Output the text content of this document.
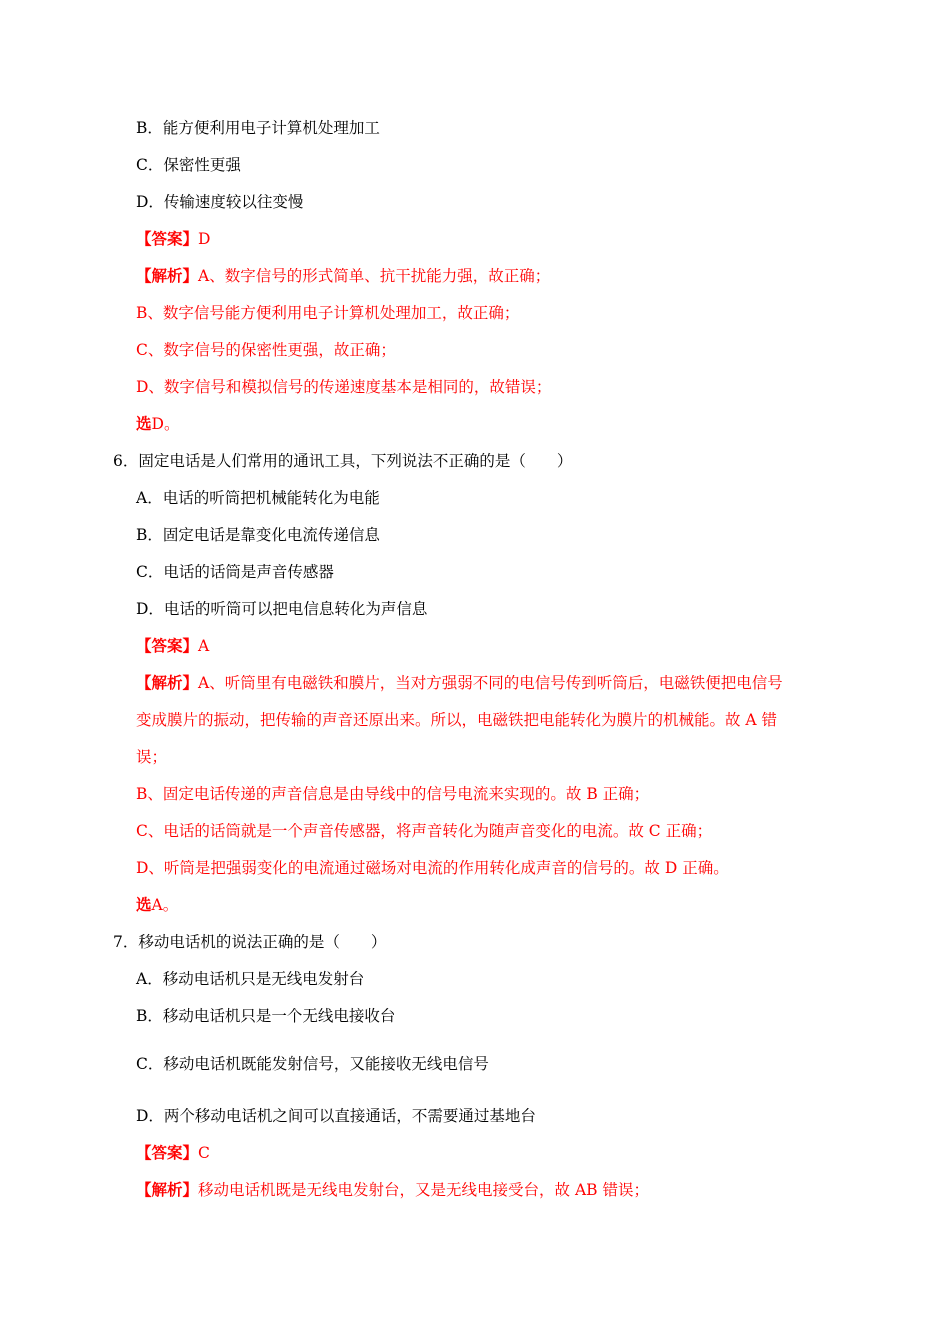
B．能方便利用电子计算机处理加工
C．保密性更强
D．传输速度较以往变慢
【答案】D
【解析】A、数字信号的形式简单、抗干扰能力强，故正确；
B、数字信号能方便利用电子计算机处理加工，故正确；
C、数字信号的保密性更强，故正确；
D、数字信号和模拟信号的传递速度基本是相同的，故错误；
选D。
6．固定电话是人们常用的通讯工具，下列说法不正确的是（　　）
A．电话的听筒把机械能转化为电能
B．固定电话是靠变化电流传递信息
C．电话的话筒是声音传感器
D．电话的听筒可以把电信息转化为声信息
【答案】A
【解析】A、听筒里有电磁铁和膜片，当对方强弱不同的电信号传到听筒后，电磁铁便把电信号
变成膜片的振动，把传输的声音还原出来。所以，电磁铁把电能转化为膜片的机械能。故 A 错
误；
B、固定电话传递的声音信息是由导线中的信号电流来实现的。故 B 正确；
C、电话的话筒就是一个声音传感器，将声音转化为随声音变化的电流。故 C 正确；
D、听筒是把强弱变化的电流通过磁场对电流的作用转化成声音的信号的。故 D 正确。
选A。
7．移动电话机的说法正确的是（　　）
A．移动电话机只是无线电发射台
B．移动电话机只是一个无线电接收台
C．移动电话机既能发射信号，又能接收无线电信号
D．两个移动电话机之间可以直接通话，不需要通过基地台
【答案】C
【解析】移动电话机既是无线电发射台，又是无线电接受台，故 AB 错误；
